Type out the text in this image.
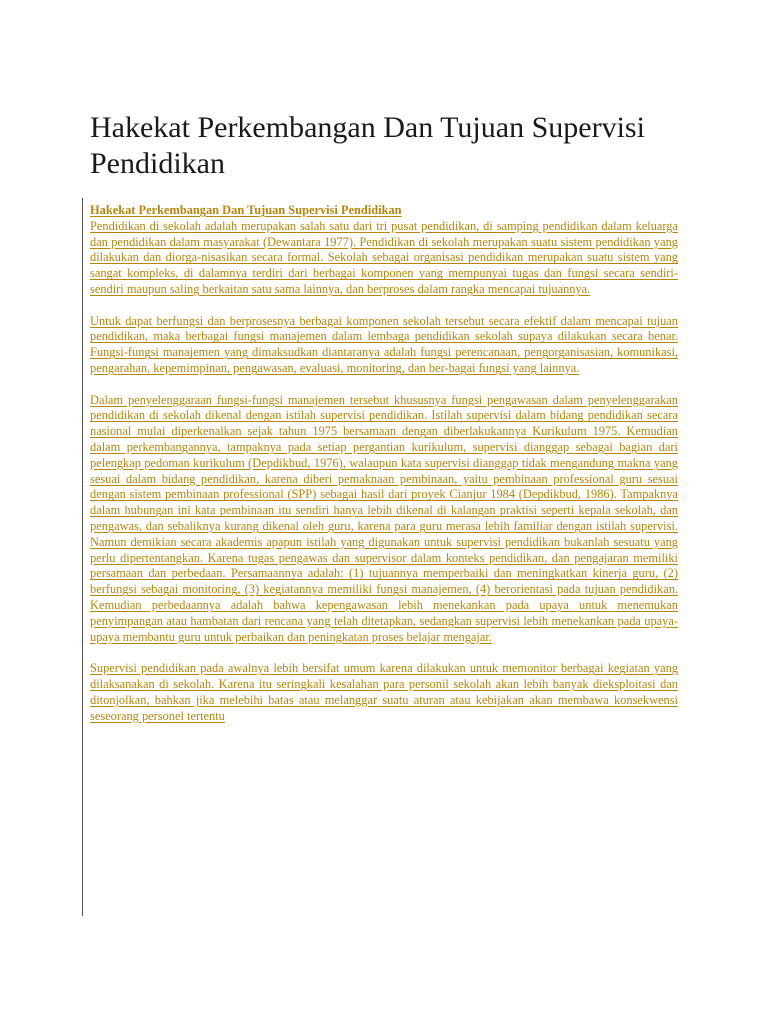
Hakekat Perkembangan Dan Tujuan Supervisi Pendidikan

Hakekat Perkembangan Dan Tujuan Supervisi Pendidikan

Pendidikan di sekolah adalah merupakan salah satu dari tri pusat pendidikan, di samping pendidikan dalam keluarga dan pendidikan dalam masyarakat (Dewantara 1977). Pendidikan di sekolah merupakan suatu sistem pendidikan yang dilakukan dan diorga-nisasikan secara formal. Sekolah sebagai organisasi pendidikan merupakan suatu sistem yang sangat kompleks, di dalamnya terdiri dari berbagai komponen yang mempunyai tugas dan fungsi secara sendiri-sendiri maupun saling berkaitan satu sama lainnya, dan berproses dalam rangka mencapai tujuannya.

Untuk dapat berfungsi dan berprosesnya berbagai komponen sekolah tersebut secara efektif dalam mencapai tujuan pendidikan, maka berbagai fungsi manajemen dalam lembaga pendidikan sekolah supaya dilakukan secara benar. Fungsi-fungsi manajemen yang dimaksudkan diantaranya adalah fungsi perencanaan, pengorganisasian, komunikasi, pengarahan, kepemimpinan, pengawasan, evaluasi, monitoring, dan ber-bagai fungsi yang lainnya.

Dalam penyelenggaraan fungsi-fungsi manajemen tersebut khususnya fungsi pengawasan dalam penyelenggarakan pendidikan di sekolah dikenal dengan istilah supervisi pendidikan. Istilah supervisi dalam bidang pendidikan secara nasional mulai diperkenalkan sejak tahun 1975 bersamaan dengan diberlakukannya Kurikulum 1975. Kemudian dalam perkembangannya, tampaknya pada setiap pergantian kurikulum, supervisi dianggap sebagai bagian dari pelengkap pedoman kurikulum (Depdikbud, 1976), walaupun kata supervisi dianggap tidak mengandung makna yang sesuai dalam bidang pendidikan, karena diberi pemaknaan pembinaan, yaitu pembinaan professional guru sesuai dengan sistem pembinaan professional (SPP) sebagai hasil dari proyek Cianjur 1984 (Depdikbud, 1986). Tampaknya dalam hubungan ini kata pembinaan itu sendiri hanya lebih dikenal di kalangan praktisi seperti kepala sekolah, dan pengawas, dan sebaliknya kurang dikenal oleh guru, karena para guru merasa lebih familiar dengan istilah supervisi. Namun demikian secara akademis apapun istilah yang digunakan untuk supervisi pendidikan bukanlah sesuatu yang perlu dipertentangkan. Karena tugas pengawas dan supervisor dalam konteks pendidikan, dan pengajaran memiliki persamaan dan perbedaan. Persamaannya adalah: (1) tujuannya memperbaiki dan meningkatkan kinerja guru, (2) berfungsi sebagai monitoring, (3) kegiatannya memiliki fungsi manajemen, (4) berorientasi pada tujuan pendidikan. Kemudian perbedaannya adalah bahwa kepengawasan lebih menekankan pada upaya untuk menemukan penyimpangan atau hambatan dari rencana yang telah ditetapkan, sedangkan supervisi lebih menekankan pada upaya-upaya membantu guru untuk perbaikan dan peningkatan proses belajar mengajar.

Supervisi pendidikan pada awalnya lebih bersifat umum karena dilakukan untuk memonitor berbagai kegiatan yang dilaksanakan di sekolah. Karena itu seringkali kesalahan para personil sekolah akan lebih banyak dieksploitasi dan ditonjolkan, bahkan jika melebihi batas atau melanggar suatu aturan atau kebijakan akan membawa konsekwensi seseorang personel tertentu
